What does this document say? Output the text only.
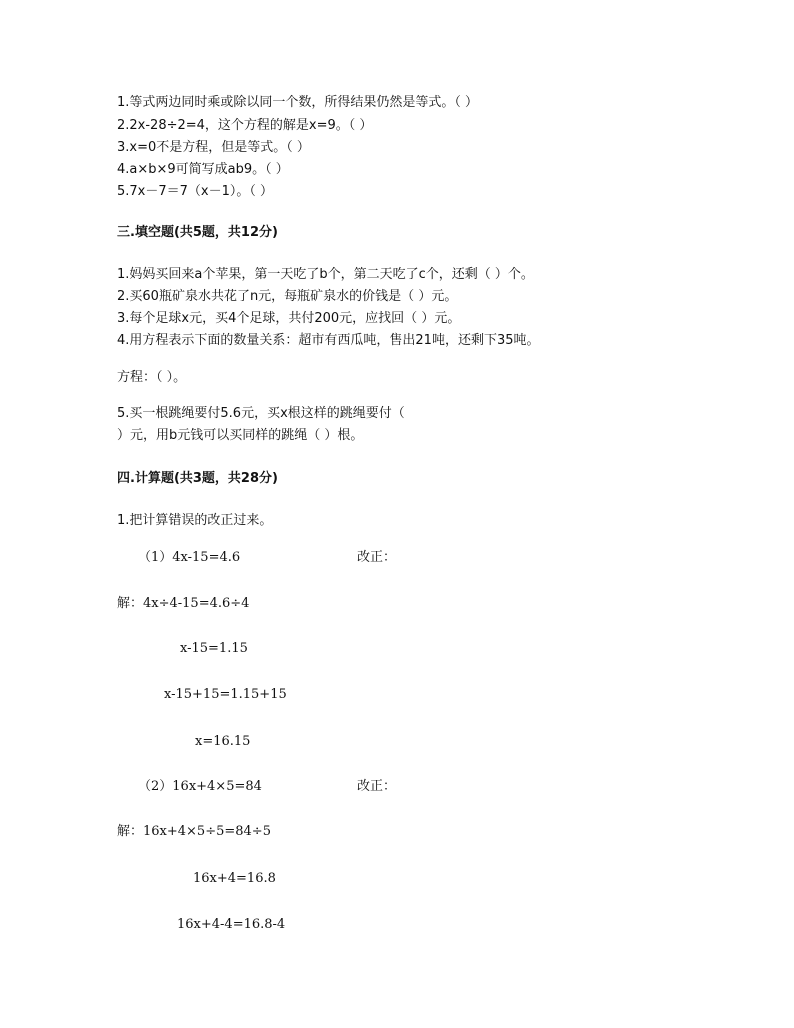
1.等式两边同时乘或除以同一个数，所得结果仍然是等式。（ ）
2.2x-28÷2=4，这个方程的解是x=9。（ ）
3.x=0不是方程，但是等式。（ ）
4.a×b×9可简写成ab9。（ ）
5.7x－7＝7（x－1）。（ ）
三.填空题(共5题，共12分)
1.妈妈买回来a个苹果，第一天吃了b个，第二天吃了c个，还剩（ ）个。
2.买60瓶矿泉水共花了n元，每瓶矿泉水的价钱是（ ）元。
3.每个足球x元，买4个足球，共付200元，应找回（ ）元。
4.用方程表示下面的数量关系：超市有西瓜吨，售出21吨，还剩下35吨。
方程：（ ）。
5.买一根跳绳要付5.6元，买x根这样的跳绳要付（
）元，用b元钱可以买同样的跳绳（ ）根。
四.计算题(共3题，共28分)
1.把计算错误的改正过来。
（1）4x-15=4.6	改正：
解：4x÷4-15=4.6÷4
x-15=1.15
x-15+15=1.15+15
x=16.15
（2）16x+4×5=84	改正：
解：16x+4×5÷5=84÷5
16x+4=16.8
16x+4-4=16.8-4
